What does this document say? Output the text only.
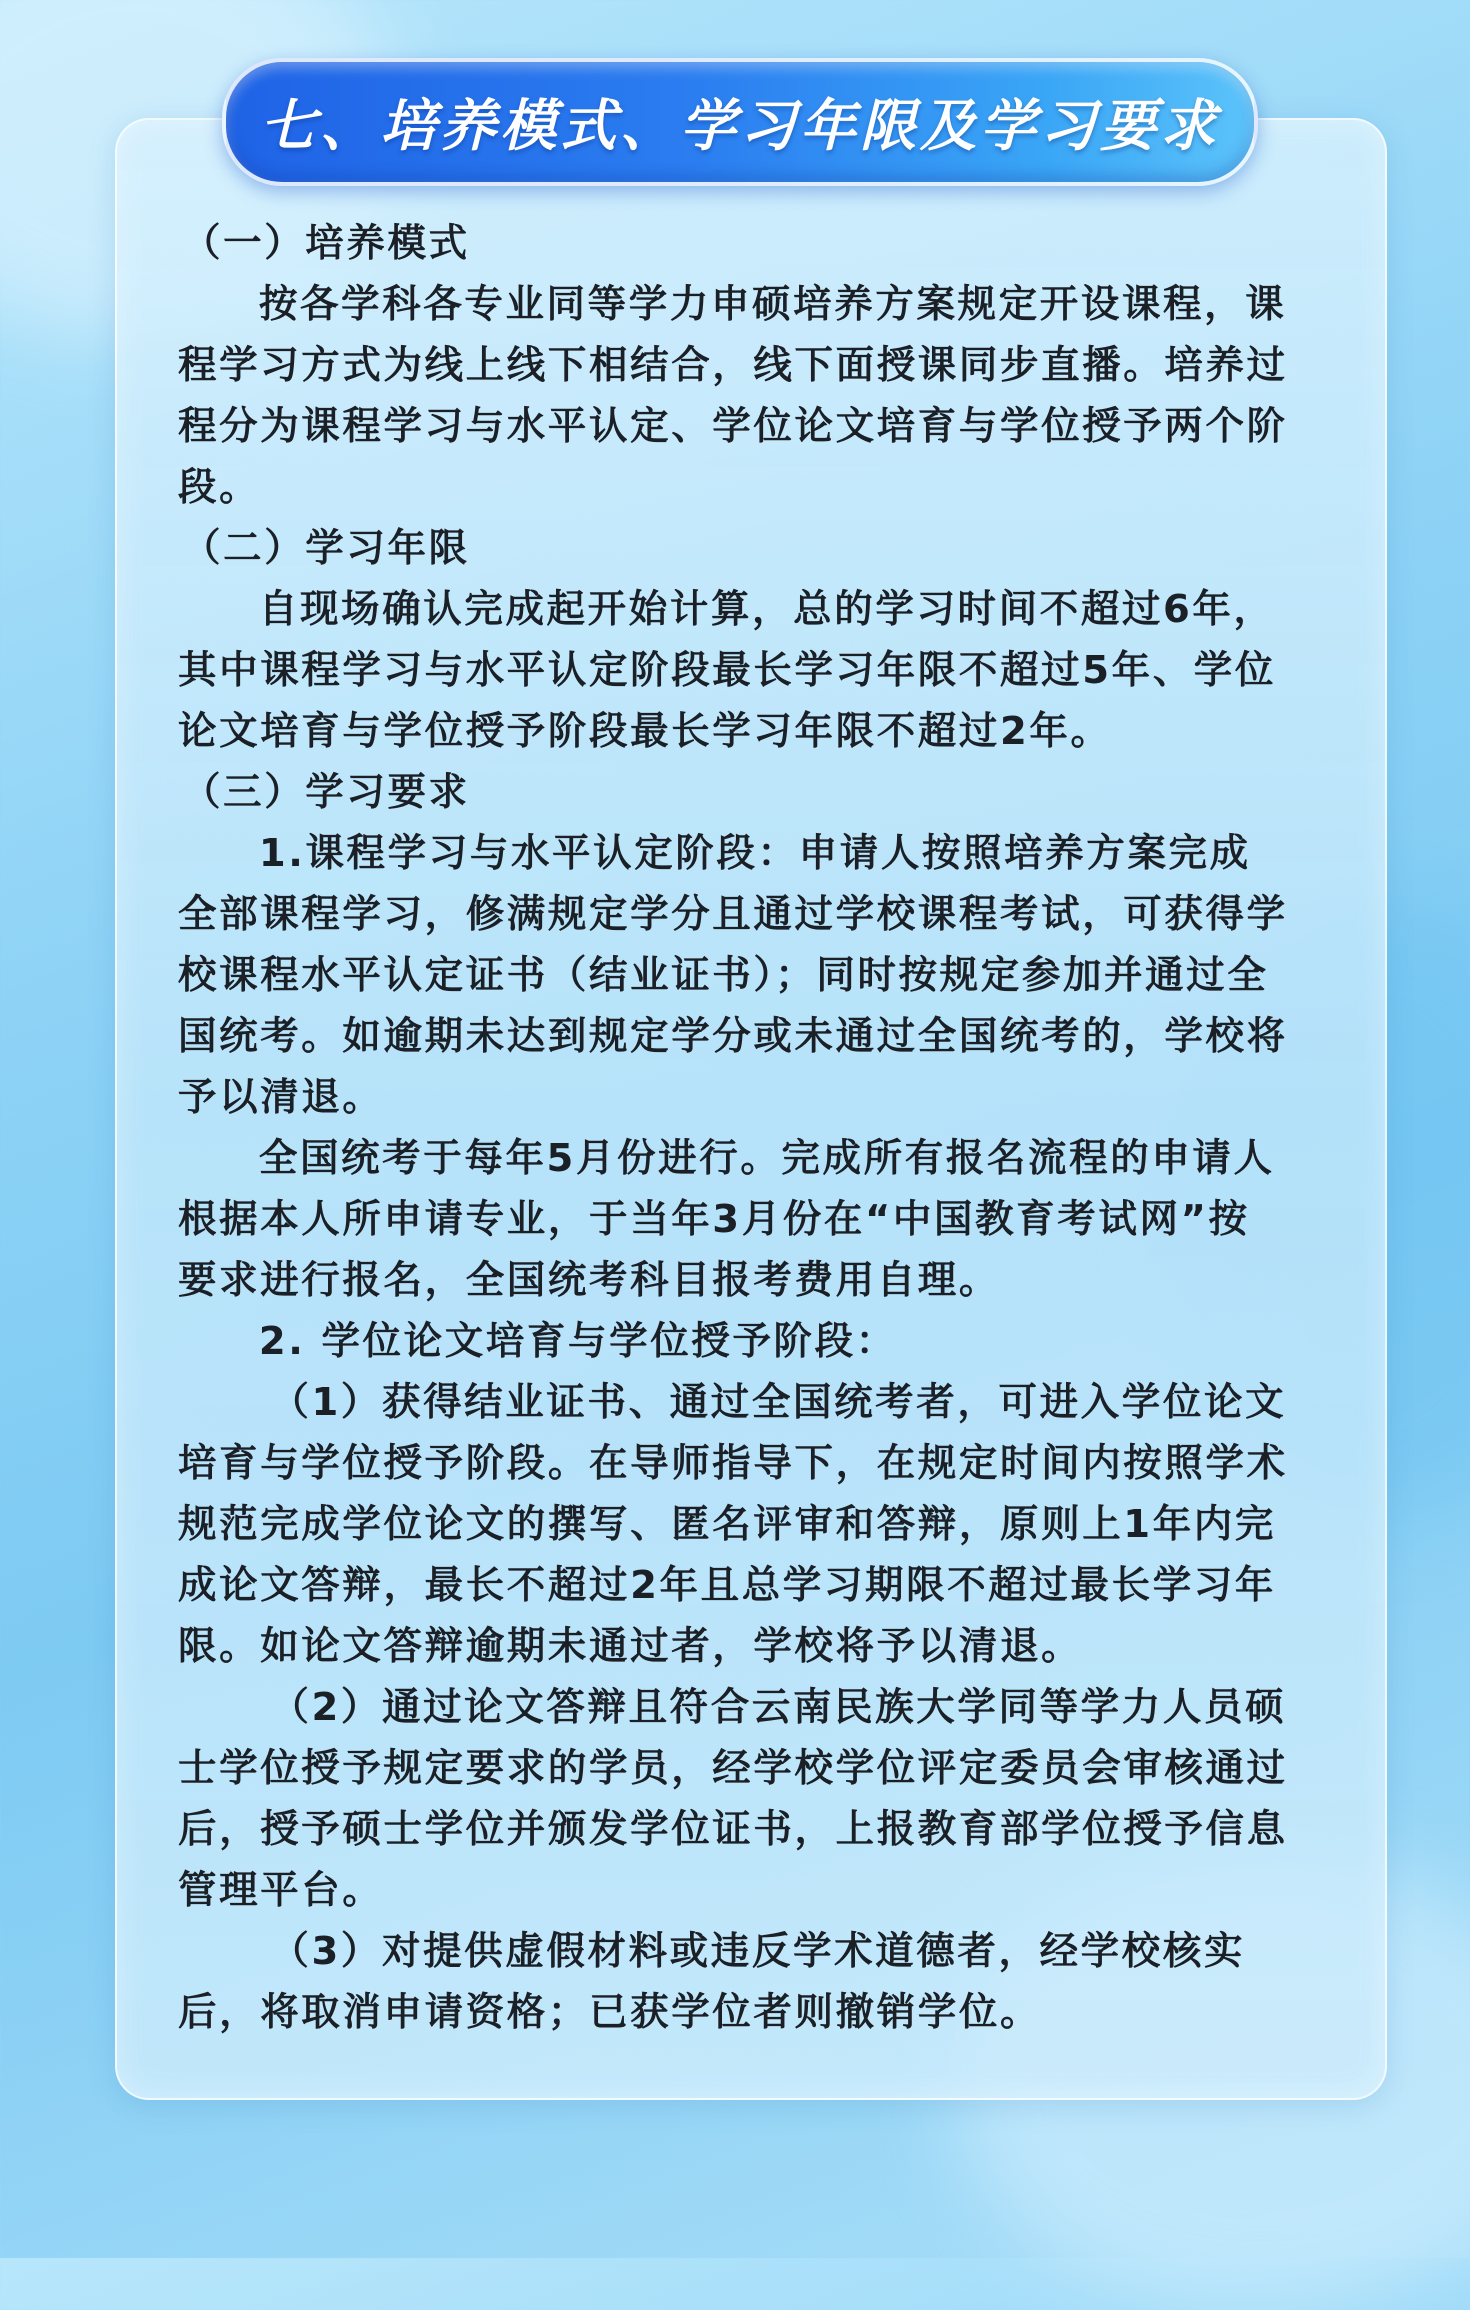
七、培养模式、学习年限及学习要求

（一）培养模式

按各学科各专业同等学力申硕培养方案规定开设课程，课程学习方式为线上线下相结合，线下面授课同步直播。培养过程分为课程学习与水平认定、学位论文培育与学位授予两个阶段。

（二）学习年限

自现场确认完成起开始计算，总的学习时间不超过6年，其中课程学习与水平认定阶段最长学习年限不超过5年、学位论文培育与学位授予阶段最长学习年限不超过2年。

（三）学习要求

1.课程学习与水平认定阶段：申请人按照培养方案完成全部课程学习，修满规定学分且通过学校课程考试，可获得学校课程水平认定证书（结业证书）；同时按规定参加并通过全国统考。如逾期未达到规定学分或未通过全国统考的，学校将予以清退。

全国统考于每年5月份进行。完成所有报名流程的申请人根据本人所申请专业，于当年3月份在“中国教育考试网”按要求进行报名，全国统考科目报考费用自理。

2. 学位论文培育与学位授予阶段：

（1）获得结业证书、通过全国统考者，可进入学位论文培育与学位授予阶段。在导师指导下，在规定时间内按照学术规范完成学位论文的撰写、匿名评审和答辩，原则上1年内完成论文答辩，最长不超过2年且总学习期限不超过最长学习年限。如论文答辩逾期未通过者，学校将予以清退。

（2）通过论文答辩且符合云南民族大学同等学力人员硕士学位授予规定要求的学员，经学校学位评定委员会审核通过后，授予硕士学位并颁发学位证书，上报教育部学位授予信息管理平台。

（3）对提供虚假材料或违反学术道德者，经学校核实后，将取消申请资格；已获学位者则撤销学位。
